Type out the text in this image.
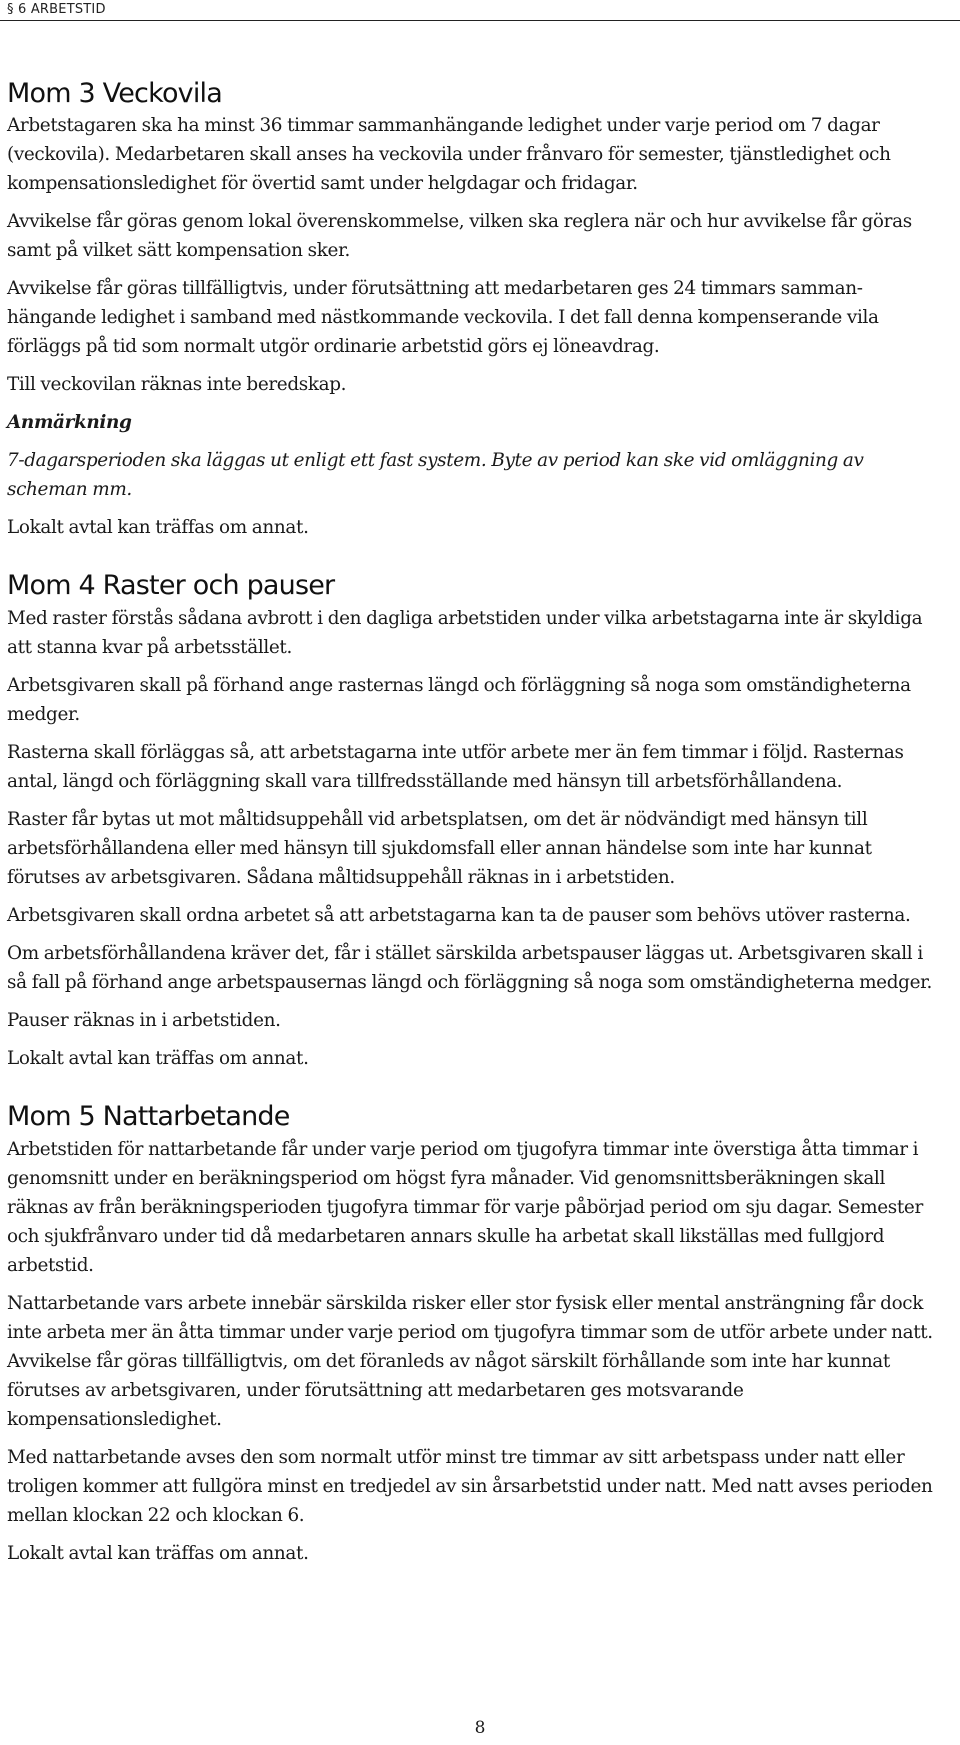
§ 6 ARBETSTID
Mom 3 Veckovila

Arbetstagaren ska ha minst 36 timmar sammanhängande ledighet under varje period om 7 dagar (veckovila). Medarbetaren skall anses ha veckovila under frånvaro för semester, tjänstledighet och kompensationsledighet för övertid samt under helgdagar och fridagar.

Avvikelse får göras genom lokal överenskommelse, vilken ska reglera när och hur avvikelse får göras samt på vilket sätt kompensation sker.

Avvikelse får göras tillfälligtvis, under förutsättning att medarbetaren ges 24 timmars sammanhängande ledighet i samband med nästkommande veckovila. I det fall denna kompenserande vila förläggs på tid som normalt utgör ordinarie arbetstid görs ej löneavdrag.

Till veckovilan räknas inte beredskap.

Anmärkning

7-dagarsperioden ska läggas ut enligt ett fast system. Byte av period kan ske vid omläggning av scheman mm.

Lokalt avtal kan träffas om annat.

Mom 4 Raster och pauser

Med raster förstås sådana avbrott i den dagliga arbetstiden under vilka arbetstagarna inte är skyldiga att stanna kvar på arbetsstället.

Arbetsgivaren skall på förhand ange rasternas längd och förläggning så noga som omständigheterna medger.

Rasterna skall förläggas så, att arbetstagarna inte utför arbete mer än fem timmar i följd. Rasternas antal, längd och förläggning skall vara tillfredsställande med hänsyn till arbetsförhållandena.

Raster får bytas ut mot måltidsuppehåll vid arbetsplatsen, om det är nödvändigt med hänsyn till arbetsförhållandena eller med hänsyn till sjukdomsfall eller annan händelse som inte har kunnat förutses av arbetsgivaren. Sådana måltidsuppehåll räknas in i arbetstiden.

Arbetsgivaren skall ordna arbetet så att arbetstagarna kan ta de pauser som behövs utöver rasterna.

Om arbetsförhållandena kräver det, får i stället särskilda arbetspauser läggas ut. Arbetsgivaren skall i så fall på förhand ange arbetspausernas längd och förläggning så noga som omständigheterna medger.

Pauser räknas in i arbetstiden.

Lokalt avtal kan träffas om annat.

Mom 5 Nattarbetande

Arbetstiden för nattarbetande får under varje period om tjugofyra timmar inte överstiga åtta timmar i genomsnitt under en beräkningsperiod om högst fyra månader. Vid genomsnittsberäkningen skall räknas av från beräkningsperioden tjugofyra timmar för varje påbörjad period om sju dagar. Semester och sjukfrånvaro under tid då medarbetaren annars skulle ha arbetat skall likställas med fullgjord arbetstid.

Nattarbetande vars arbete innebär särskilda risker eller stor fysisk eller mental ansträngning får dock inte arbeta mer än åtta timmar under varje period om tjugofyra timmar som de utför arbete under natt. Avvikelse får göras tillfälligtvis, om det föranleds av något särskilt förhållande som inte har kunnat förutses av arbetsgivaren, under förutsättning att medarbetaren ges motsvarande kompensationsledighet.

Med nattarbetande avses den som normalt utför minst tre timmar av sitt arbetspass under natt eller troligen kommer att fullgöra minst en tredjedel av sin årsarbetstid under natt. Med natt avses perioden mellan klockan 22 och klockan 6.

Lokalt avtal kan träffas om annat.

8
